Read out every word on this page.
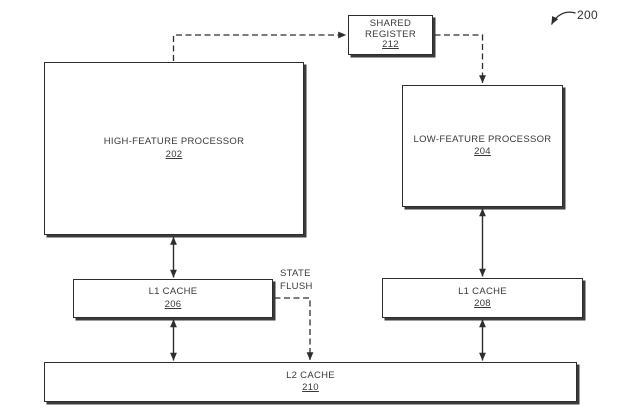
HIGH-FEATURE PROCESSOR
202
LOW-FEATURE PROCESSOR
204
SHARED REGISTER
212
L1 CACHE
206
L1 CACHE
208
L2 CACHE
210
STATE FLUSH
200
